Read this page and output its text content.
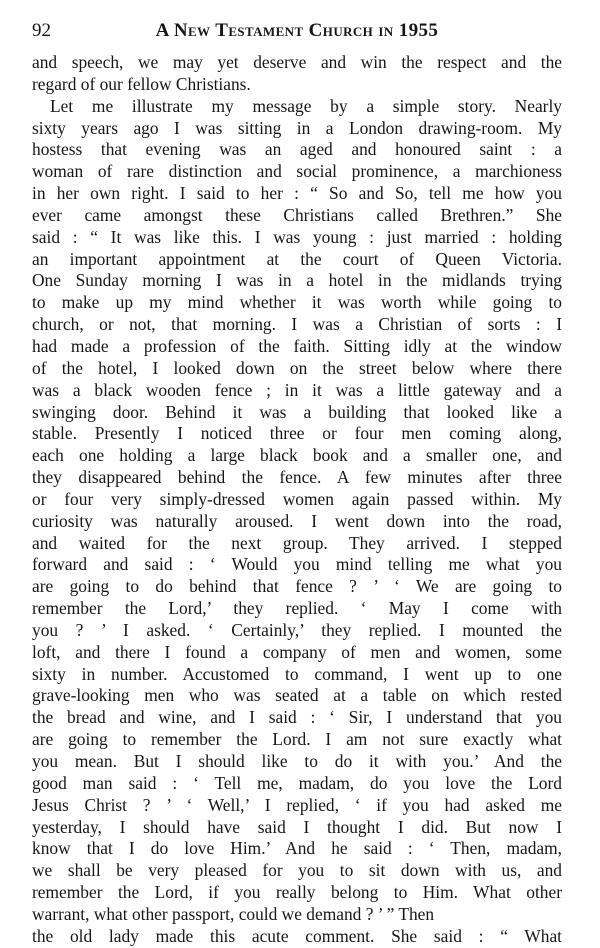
92	A New Testament Church in 1955
and speech, we may yet deserve and win the respect and the
regard of our fellow Christians.
Let me illustrate my message by a simple story. Nearly
sixty years ago I was sitting in a London drawing-room. My
hostess that evening was an aged and honoured saint : a
woman of rare distinction and social prominence, a marchioness
in her own right. I said to her : “ So and So, tell me how you
ever came amongst these Christians called Brethren.” She
said : “ It was like this. I was young : just married : holding
an important appointment at the court of Queen Victoria.
One Sunday morning I was in a hotel in the midlands trying
to make up my mind whether it was worth while going to
church, or not, that morning. I was a Christian of sorts : I
had made a profession of the faith. Sitting idly at the window
of the hotel, I looked down on the street below where there
was a black wooden fence ; in it was a little gateway and a
swinging door. Behind it was a building that looked like a
stable. Presently I noticed three or four men coming along,
each one holding a large black book and a smaller one, and
they disappeared behind the fence. A few minutes after three
or four very simply-dressed women again passed within. My
curiosity was naturally aroused. I went down into the road,
and waited for the next group. They arrived. I stepped
forward and said : ‘ Would you mind telling me what you
are going to do behind that fence ? ’ ‘ We are going to
remember the Lord,’ they replied. ‘ May I come with
you ? ’ I asked. ‘ Certainly,’ they replied. I mounted the
loft, and there I found a company of men and women, some
sixty in number. Accustomed to command, I went up to one
grave-looking men who was seated at a table on which rested
the bread and wine, and I said : ‘ Sir, I understand that you
are going to remember the Lord. I am not sure exactly what
you mean. But I should like to do it with you.’ And the
good man said : ‘ Tell me, madam, do you love the Lord
Jesus Christ ? ’ ‘ Well,’ I replied, ‘ if you had asked me
yesterday, I should have said I thought I did. But now I
know that I do love Him.’ And he said : ‘ Then, madam,
we shall be very pleased for you to sit down with us, and
remember the Lord, if you really belong to Him. What other
warrant, what other passport, could we demand ? ’ ” Then
the old lady made this acute comment. She said : “ What
